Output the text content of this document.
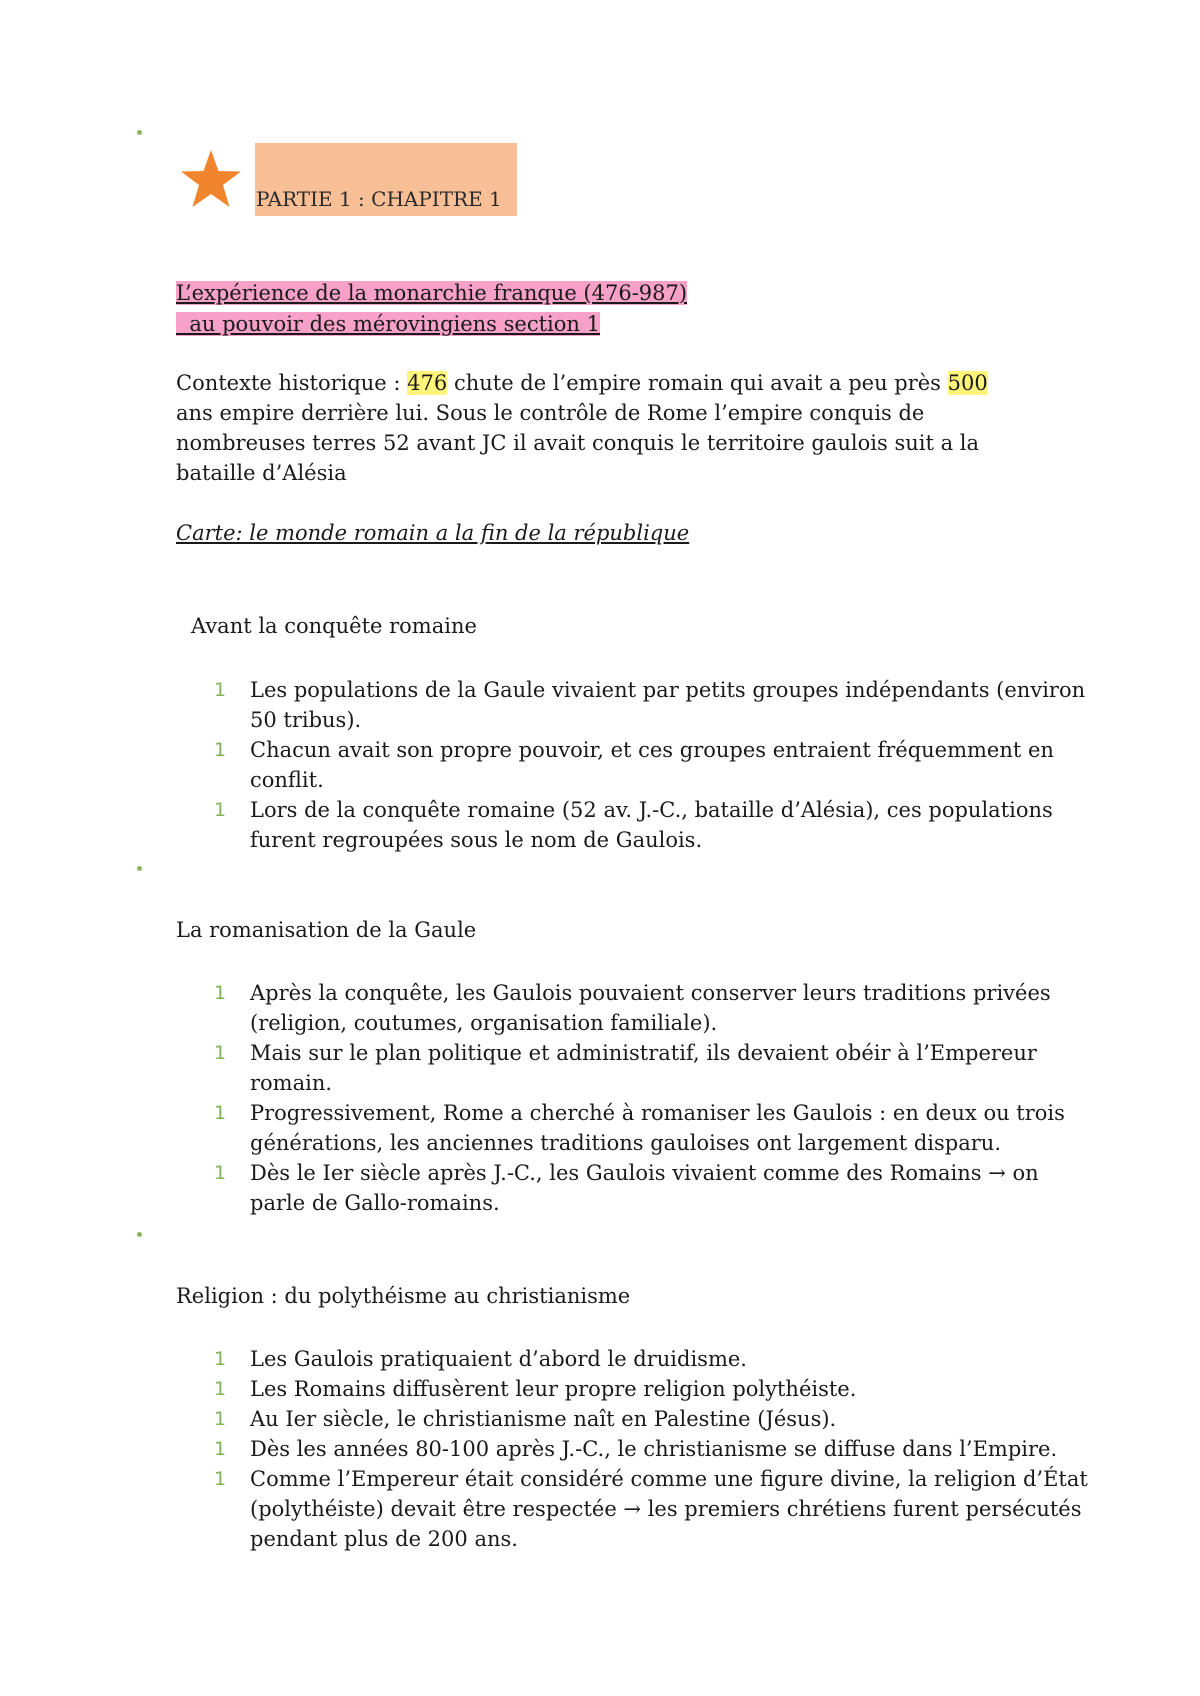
PARTIE 1 : CHAPITRE 1
L’expérience de la monarchie franque (476-987)
au pouvoir des mérovingiens section 1
Contexte historique : 476 chute de l’empire romain qui avait a peu près 500 ans empire derrière lui. Sous le contrôle de Rome l’empire conquis de nombreuses terres 52 avant JC il avait conquis le territoire gaulois suit a la bataille d’Alésia
Carte: le monde romain a la fin de la république
Avant la conquête romaine
1 Les populations de la Gaule vivaient par petits groupes indépendants (environ 50 tribus).
1 Chacun avait son propre pouvoir, et ces groupes entraient fréquemment en conflit.
1 Lors de la conquête romaine (52 av. J.-C., bataille d’Alésia), ces populations furent regroupées sous le nom de Gaulois.
La romanisation de la Gaule
1 Après la conquête, les Gaulois pouvaient conserver leurs traditions privées (religion, coutumes, organisation familiale).
1 Mais sur le plan politique et administratif, ils devaient obéir à l’Empereur romain.
1 Progressivement, Rome a cherché à romaniser les Gaulois : en deux ou trois générations, les anciennes traditions gauloises ont largement disparu.
1 Dès le Ier siècle après J.-C., les Gaulois vivaient comme des Romains → on parle de Gallo-romains.
Religion : du polythéisme au christianisme
1 Les Gaulois pratiquaient d’abord le druidisme.
1 Les Romains diffusèrent leur propre religion polythéiste.
1 Au Ier siècle, le christianisme naît en Palestine (Jésus).
1 Dès les années 80-100 après J.-C., le christianisme se diffuse dans l’Empire.
1 Comme l’Empereur était considéré comme une figure divine, la religion d’État (polythéiste) devait être respectée → les premiers chrétiens furent persécutés pendant plus de 200 ans.
